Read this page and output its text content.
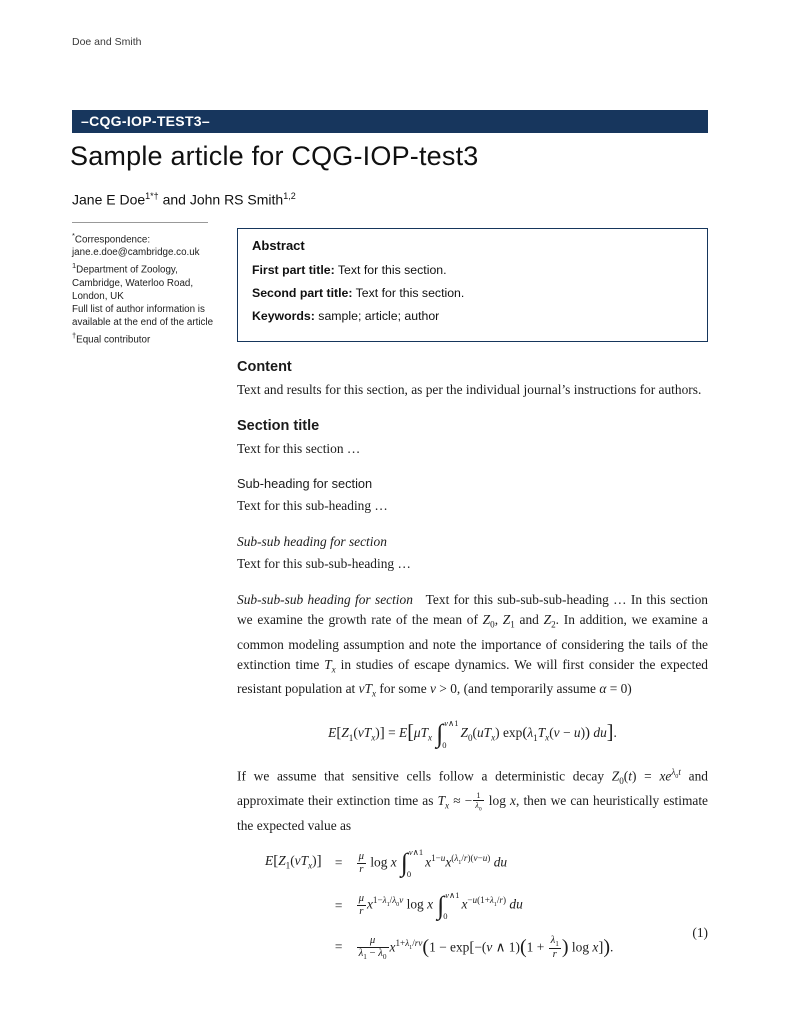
Doe and Smith
–CQG-IOP-TEST3–
Sample article for CQG-IOP-test3
Jane E Doe$^{1*\dagger}$ and John RS Smith$^{1,2}$
*Correspondence:
jane.e.doe@cambridge.co.uk
$^1$Department of Zoology,
Cambridge, Waterloo Road,
London, UK
Full list of author information is
available at the end of the article
†Equal contributor
Abstract
First part title: Text for this section.
Second part title: Text for this section.
Keywords: sample; article; author
Content

Text and results for this section, as per the individual journal’s instructions for authors.

Section title

Text for this section …

Sub-heading for section

Text for this sub-heading …

Sub-sub heading for section

Text for this sub-sub-heading …

Sub-sub-sub heading for section   Text for this sub-sub-sub-heading … In this section we examine the growth rate of the mean of $Z_0$, $Z_1$ and $Z_2$. In addition, we examine a common modeling assumption and note the importance of considering the tails of the extinction time $T_x$ in studies of escape dynamics. We will first consider the expected resistant population at $vT_x$ for some v > 0, (and temporarily assume α = 0)

$E[Z_1(vT_x)] = E[\mu T_x$ ∫ v∧1
0
$Z_0(uT_x) \exp(\lambda_1T_x(v - u))$ du].

If we assume that sensitive cells follow a deterministic decay $Z_0(t) = xe^{\lambda_0t}$ and approximate their extinction time as $T_x$ ≈ − $\frac{1}{\lambda_0}$ log x, then we can heuristically estimate the expected value as

$E[Z_1(vT_x)]$ =	$\frac{\mu}{r}$ log x ∫ v∧1
0
$x^{1-u}x^{(\lambda_1/r)(v-u)}$ du
=	$\frac{\mu}{r} x^{1-\lambda_1/\lambda_0v}$ log x ∫ v∧1
0
$x^{-u(1+\lambda_1/r)}$ du
=	$\frac{\mu}{\lambda_1 - \lambda_0} x^{1+\lambda_1/rv}(1 - \exp[-(v$ ∧ $1)(1 + \frac{\lambda_1}{r}$ ) log x]).
(1)
